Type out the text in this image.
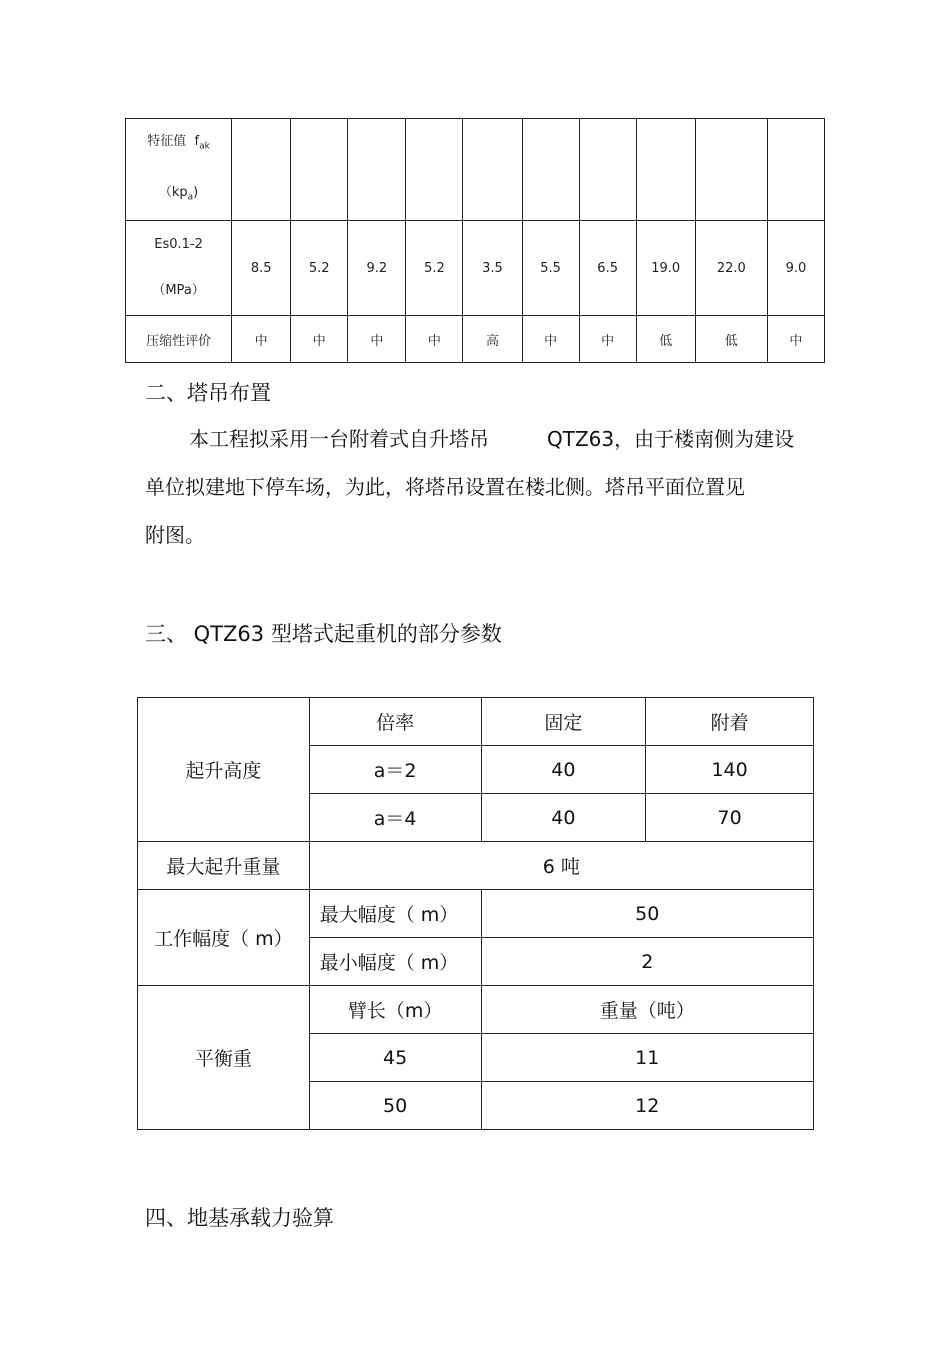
特征值 $f_{ak}$
$(kp_a)$										

Es0.1-2
（MPa）	8.5	5.2	9.2	5.2	3.5	5.5	6.5	19.0	22.0	9.0
压缩性评价	中	中	中	中	高	中	中	低	低	中
二、塔吊布置
本工程拟采用一台附着式自升塔吊	QTZ63，由于楼南侧为建设
单位拟建地下停车场，为此，将塔吊设置在楼北侧。塔吊平面位置见
附图。
三、 QTZ63 型塔式起重机的部分参数
起升高度	倍率	固定	附着
	a＝2	40	140
	a＝4	40	70
最大起升重量	6 吨		
工作幅度（ m）	最大幅度（ m）	50	
	最小幅度（ m）	2	
平衡重	臂长（m）	重量（吨）	
	45	11	
	50	12	
四、地基承载力验算
